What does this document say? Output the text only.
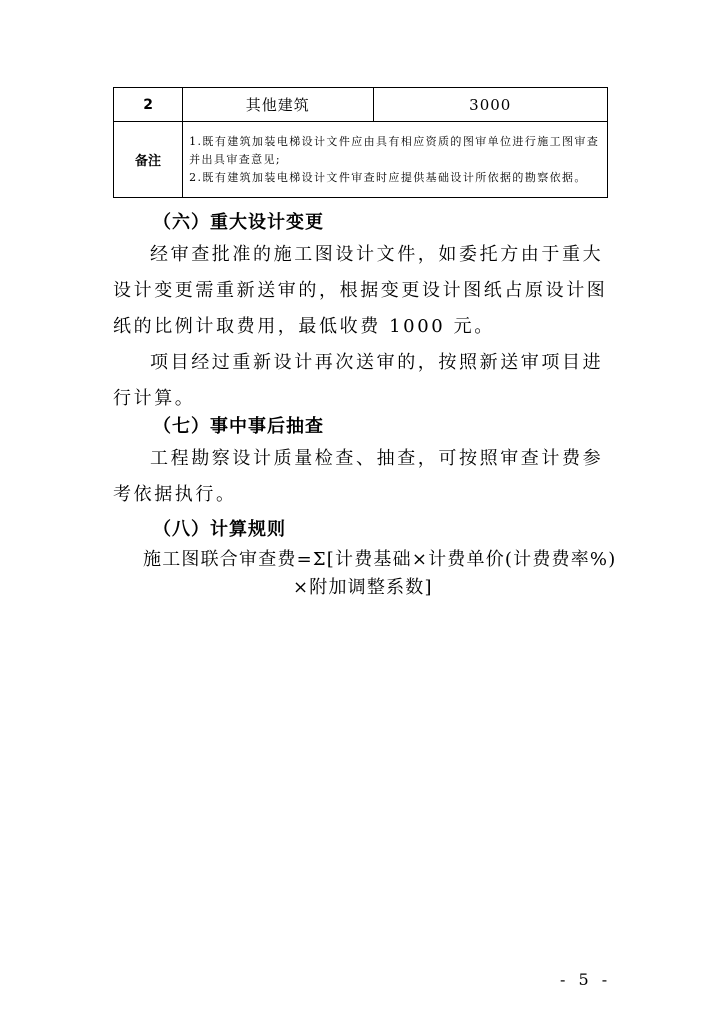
2	其他建筑	3000
备注	1.既有建筑加装电梯设计文件应由具有相应资质的图审单位进行施工图审查并出具审查意见;
2.既有建筑加装电梯设计文件审查时应提供基础设计所依据的勘察依据。	
（六）重大设计变更
经审查批准的施工图设计文件，如委托方由于重大设计变更需重新送审的，根据变更设计图纸占原设计图纸的比例计取费用，最低收费 1000 元。
项目经过重新设计再次送审的，按照新送审项目进行计算。
（七）事中事后抽查
工程勘察设计质量检查、抽查，可按照审查计费参考依据执行。
（八）计算规则
施工图联合审查费=Σ[计费基础×计费单价(计费费率%)
×附加调整系数]
- 5 -
